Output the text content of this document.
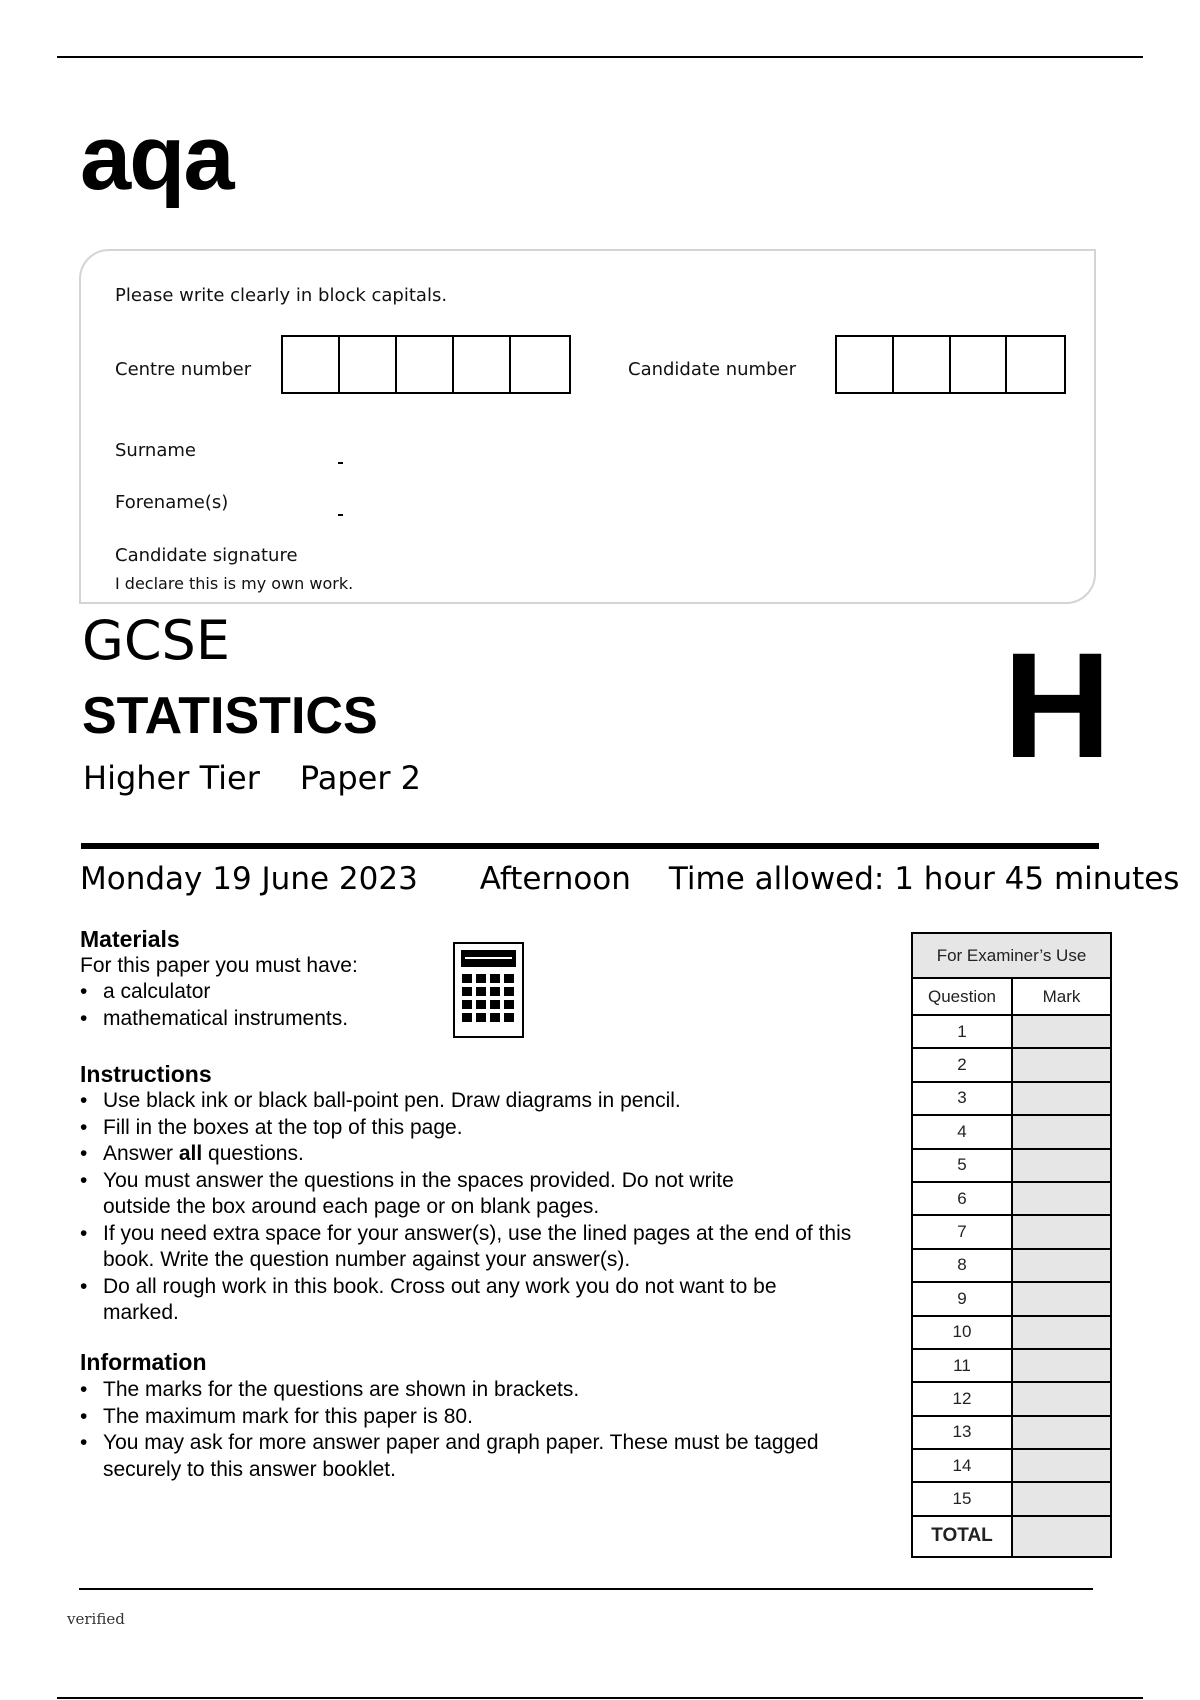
aqa
Please write clearly in block capitals.
Centre number	Candidate number
Surname
Forename(s)
Candidate signature
I declare this is my own work.
GCSE
STATISTICS
Higher Tier Paper 2	H
Monday 19 June 2023 Afternoon Time allowed: 1 hour 45 minutes
Materials
For this paper you must have:
• a calculator
• mathematical instruments.
Instructions
• Use black ink or black ball-point pen. Draw diagrams in pencil.
• Fill in the boxes at the top of this page.
• Answer all questions.
• You must answer the questions in the spaces provided. Do not write outside the box around each page or on blank pages.
• If you need extra space for your answer(s), use the lined pages at the end of this book. Write the question number against your answer(s).
• Do all rough work in this book. Cross out any work you do not want to be marked.
Information
• The marks for the questions are shown in brackets.
• The maximum mark for this paper is 80.
• You may ask for more answer paper and graph paper. These must be tagged securely to this answer booklet.
For Examiner’s Use	
Question	Mark
1	
2	
3	
4	
5	
6	
7	
8	
9	
10	
11	
12	
13	
14	
15	
TOTAL	
verified
